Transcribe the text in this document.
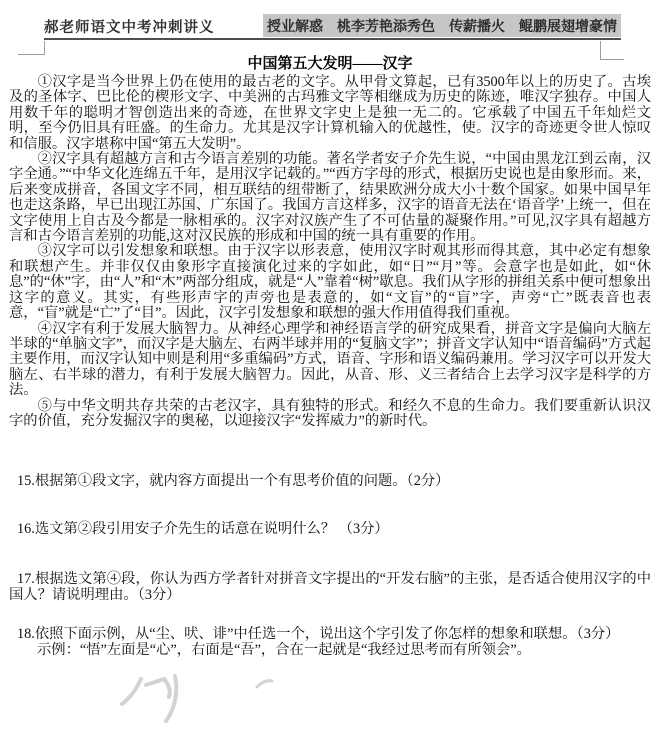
郝老师语文中考冲刺讲义	授业解惑　桃李芳艳添秀色　传薪播火　鲲鹏展翅增豪情
中国第五大发明——汉字

①汉字是当今世界上仍在使用的最古老的文字。从甲骨文算起，已有3500年以上的历史了。古埃及的圣体字、巴比伦的楔形文字、中美洲的古玛雅文字等相继成为历史的陈迹，唯汉字独存。中国人用数千年的聪明才智创造出来的奇迹，在世界文字史上是独一无二的。它承载了中国五千年灿烂文明，至今仍旧具有旺盛。的生命力。尤其是汉字计算机输入的优越性，使。汉字的奇迹更令世人惊叹和信服。汉字堪称中国“第五大发明”。

②汉字具有超越方言和古今语言差别的功能。著名学者安子介先生说，“中国由黑龙江到云南，汉字全通。”“中华文化连绵五千年，是用汉字记载的。”“西方字母的形式，根据历史说也是由象形而。来，后来变成拼音，各国文字不同，相互联结的纽带断了，结果欧洲分成大小十数个国家。如果中国早年也走这条路，早已出现江苏国、广东国了。我国方言这样多，汉字的语音无法在‘语音学’上统一，但在文字使用上自古及今都是一脉相承的。汉字对汉族产生了不可估量的凝聚作用。”可见,汉字具有超越方言和古今语言差别的功能,这对汉民族的形成和中国的统一具有重要的作用。

③汉字可以引发想象和联想。由于汉字以形表意，使用汉字时观其形而得其意，其中必定有想象和联想产生。并非仅仅由象形字直接演化过来的字如此，如“日”“月”等。会意字也是如此，如“休息”的“休”字，由“人”和“木”两部分组成，就是“人”靠着“树”歇息。我们从字形的拼组关系中便可想象出这字的意义。其实，有些形声字的声旁也是表意的，如“文盲”的“盲”字，声旁“亡”既表音也表意，“盲”就是“亡”了“目”。因此，汉字引发想象和联想的强大作用值得我们重视。

④汉字有利于发展大脑智力。从神经心理学和神经语言学的研究成果看，拼音文字是偏向大脑左半球的“单脑文字”，而汉字是大脑左、右两半球并用的“复脑文字”；拼音文字认知中“语音编码”方式起主要作用，而汉字认知中则是利用“多重编码”方式，语音、字形和语义编码兼用。学习汉字可以开发大脑左、右半球的潜力，有利于发展大脑智力。因此，从音、形、义三者结合上去学习汉字是科学的方法。

⑤与中华文明共存共荣的古老汉字，具有独特的形式。和经久不息的生命力。我们要重新认识汉字的价值，充分发掘汉字的奥秘，以迎接汉字“发挥威力”的新时代。

15.根据第①段文字，就内容方面提出一个有思考价值的问题。（2分）

16.选文第②段引用安子介先生的话意在说明什么？ （3分）

17.根据选文第④段，你认为西方学者针对拼音文字提出的“开发右脑”的主张，是否适合使用汉字的中国人？请说明理由。（3分）

18.依照下面示例，从“尘、吠、诽”中任选一个，说出这个字引发了你怎样的想象和联想。（3分）

示例：“悟”左面是“心”，右面是“吾”，合在一起就是“我经过思考而有所领会”。
